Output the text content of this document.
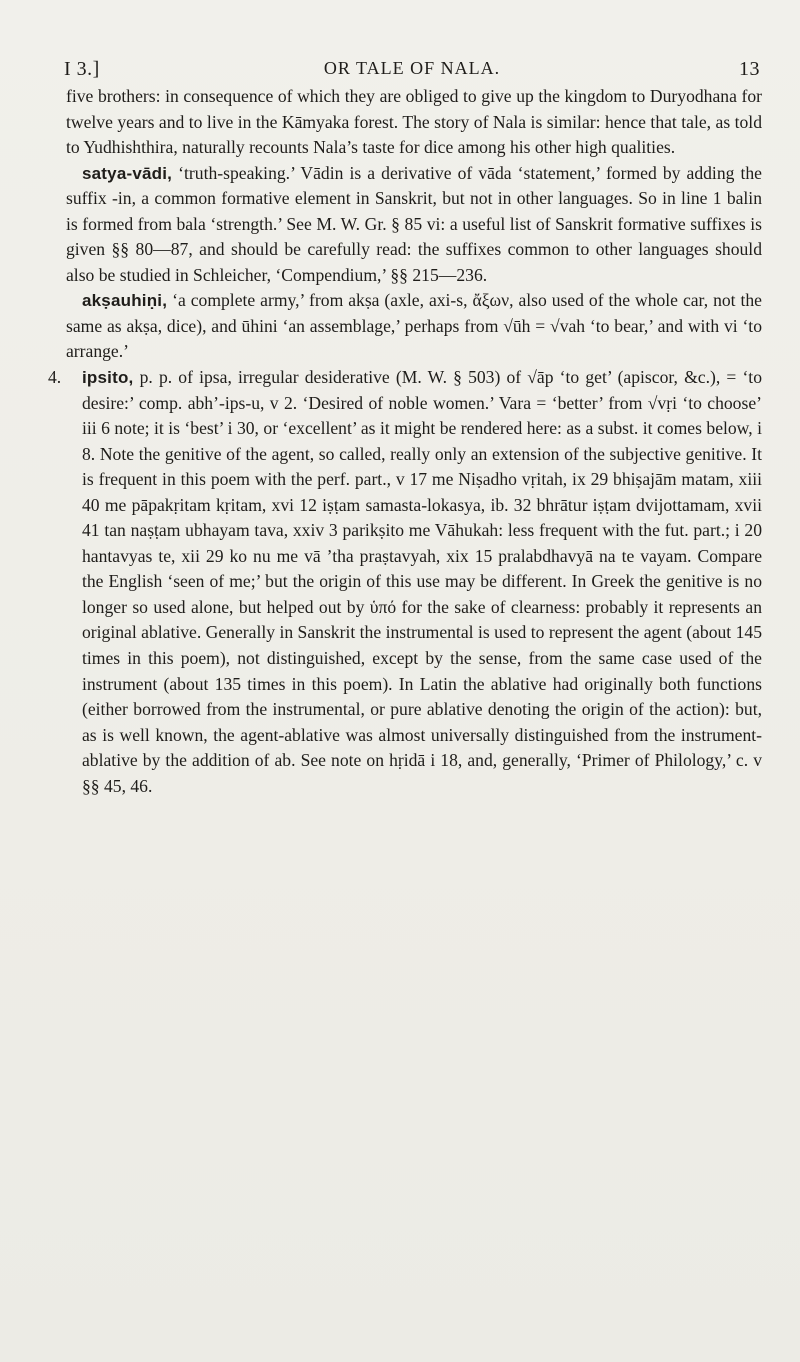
I 3.]	OR TALE OF NALA.	13

five brothers: in consequence of which they are obliged to give up the kingdom to Duryodhana for twelve years and to live in the Kāmyaka forest. The story of Nala is similar: hence that tale, as told to Yudhishthira, naturally recounts Nala’s taste for dice among his other high qualities.

satya-vādi, ‘truth-speaking.’ Vādin is a derivative of vāda ‘statement,’ formed by adding the suffix -in, a common formative element in Sanskrit, but not in other languages. So in line 1 balin is formed from bala ‘strength.’ See M. W. Gr. § 85 vi: a useful list of Sanskrit formative suffixes is given §§ 80—87, and should be carefully read: the suffixes common to other languages should also be studied in Schleicher, ‘Compendium,’ §§ 215—236.

akṣauhiṇi, ‘a complete army,’ from akṣa (axle, axi-s, ἄξων, also used of the whole car, not the same as akṣa, dice), and ūhini ‘an assemblage,’ perhaps from √ūh = √vah ‘to bear,’ and with vi ‘to arrange.’

4. ipsito, p. p. of ipsa, irregular desiderative (M. W. § 503) of √āp ‘to get’ (apiscor, &c.), = ‘to desire:’ comp. abh’-ips-u, v 2. ‘Desired of noble women.’ Vara = ‘better’ from √vṛi ‘to choose’ iii 6 note; it is ‘best’ i 30, or ‘excellent’ as it might be rendered here: as a subst. it comes below, i 8. Note the genitive of the agent, so called, really only an extension of the subjective genitive. It is frequent in this poem with the perf. part., v 17 me Niṣadho vṛitah, ix 29 bhiṣajām matam, xiii 40 me pāpakṛitam kṛitam, xvi 12 iṣṭam samasta-lokasya, ib. 32 bhrātur iṣṭam dvijottamam, xvii 41 tan naṣṭam ubhayam tava, xxiv 3 parikṣito me Vāhukah: less frequent with the fut. part.; i 20 hantavyas te, xii 29 ko nu me vā ’tha praṣtavyah, xix 15 pralabdhavyā na te vayam. Compare the English ‘seen of me;’ but the origin of this use may be different. In Greek the genitive is no longer so used alone, but helped out by ὑπό for the sake of clearness: probably it represents an original ablative. Generally in Sanskrit the instrumental is used to represent the agent (about 145 times in this poem), not distinguished, except by the sense, from the same case used of the instrument (about 135 times in this poem). In Latin the ablative had originally both functions (either borrowed from the instrumental, or pure ablative denoting the origin of the action): but, as is well known, the agent-ablative was almost universally distinguished from the instrument-ablative by the addition of ab. See note on hṛidā i 18, and, generally, ‘Primer of Philology,’ c. v §§ 45, 46.
